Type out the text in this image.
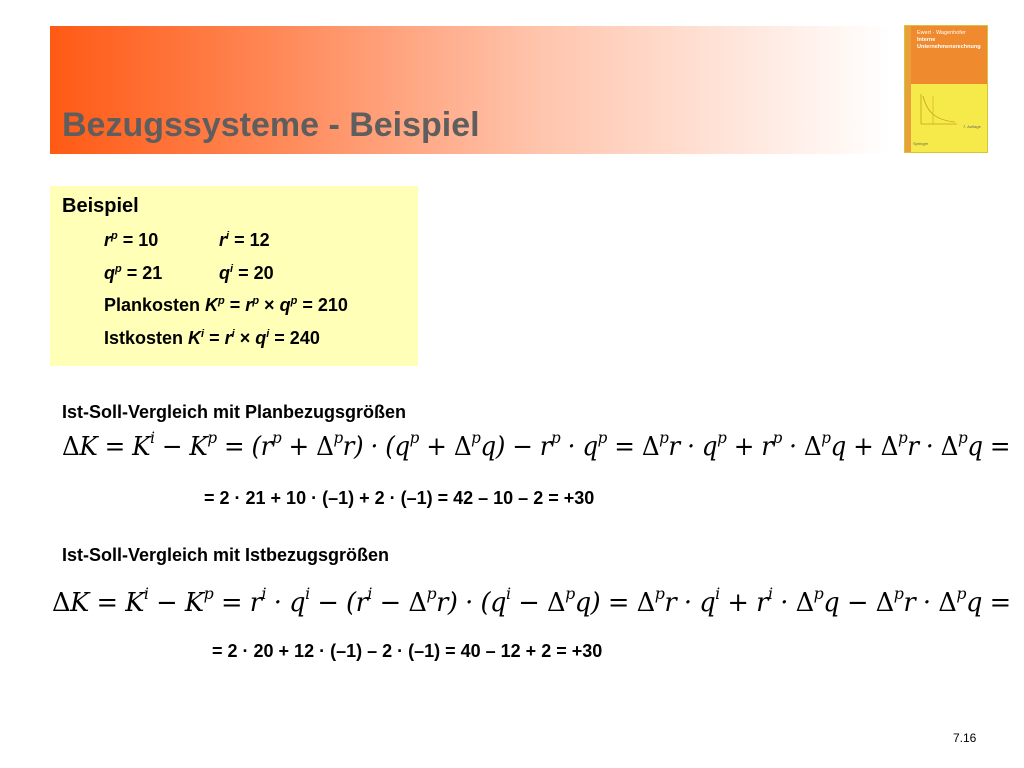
Bezugssysteme - Beispiel
Ewert · Wagenhofer
Interne
Unternehmensrechnung
7. Auflage
Springer
Beispiel
$r^p = 10$	$r^i = 12$
$q^p = 21$	$q^i = 20$
Plankosten $K^p = r^p \times q^p = 210$
Istkosten $K^i = r^i \times q^i = 240$
Ist-Soll-Vergleich mit Planbezugsgrößen
$\Delta K = K^i - K^p = (r^p + \Delta^pr) \cdot (q^p + \Delta^pq) - r^p \cdot q^p = \Delta^pr \cdot q^p + r^p \cdot \Delta^pq + \Delta^pr \cdot \Delta^pq$ =
= 2 · 21 + 10 · (–1) + 2 · (–1) = 42 – 10 – 2 = +30
Ist-Soll-Vergleich mit Istbezugsgrößen
$\Delta K = K^i - K^p = r^i \cdot q^i - (r^i - \Delta^pr) \cdot (q^i - \Delta^pq) = \Delta^pr \cdot q^i + r^i \cdot \Delta^pq - \Delta^pr \cdot \Delta^pq$ =
= 2 · 20 + 12 · (–1) – 2 · (–1) = 40 – 12 + 2 = +30
7.16
